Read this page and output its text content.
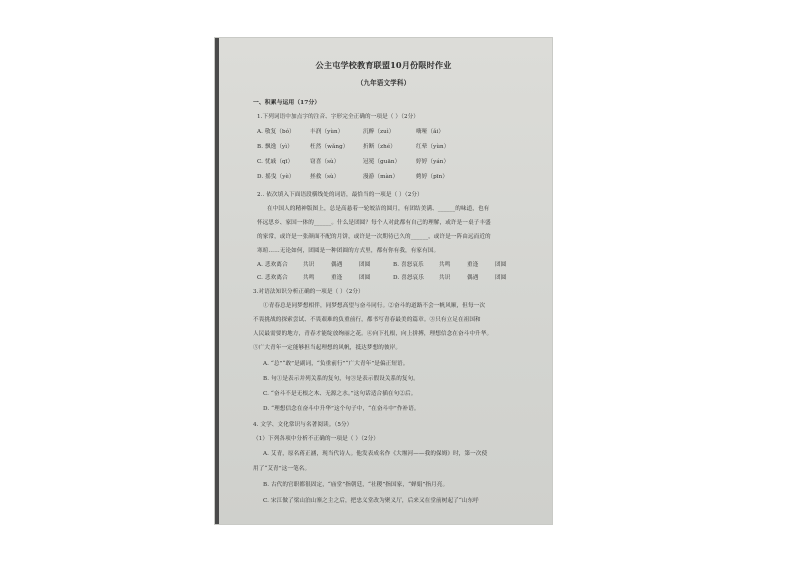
公主屯学校教育联盟10月份限时作业
（九年语文学科）
一、积累与运用（17分）
1.下列词语中加点字的注音、字形完全正确的一项是（ ）（2分）
A. 敬复（bó）	丰润（yùn）	沉醉（zuì）	嗨哑（ǎi）
B. 飘逸（yì）	枉然（wǎng）	折断（zhé）	红晕（yùn）
C. 忧戚（qī）	窃喜（sù）	冠冕（guān）	婷婷（yán）
D. 摇曳（yè）	拯救（sù）	漫游（màn）	娉婷（pīn）
2.. 依次填入下面语段横线处的词语，最恰当的一项是（ ）（2分）
在中国人的精神版图上，总是高悬着一轮皎洁的圆月，有团结美满、______的味道，也有
怀远思乡、家国一体的______。什么是团圆？每个人对此都有自己的理解，或许是一桌子丰盛
的家常，或许是一张颜面不配的月饼，或许是一次期待已久的______，或许是一阵由远而近的
寒暄……无论如何，团圆是一种团圆的方式里，都有你有我，有家有国。
A. 悲欢离合	共识	偶遇	团圆	B. 喜怒哀乐	共鸣	重逢	团圆
C. 悲欢离合	共鸣	重逢	团圆	D. 喜怒哀乐	共识	偶遇	团圆
3.对语法知识分析正确的一项是（ ）（2分）
①青春总是同梦想相伴，同梦想高望与奋斗同行。②奋斗的道路不会一帆风顺，但每一次
不畏挑战的探索尝试、不畏艰难的负重前行，都书写青春最美的篇章。③只有立足在祖国和
人民最需要的地方，青春才能绽放绚丽之花。④向下扎根，向上拼搏，理想信念在奋斗中升华。
⑤广大青年一定能够担当起理想的风帆，抵达梦想的彼岸。
A. “总”“敢”是副词，“负重前行”“广大青年”是偏正短语。
B. 句①是表示并列关系的复句，句③是表示假设关系的复句。
C. “奋斗不是无根之木、无源之水。”这句话适合插在句②后。
D. “理想信念在奋斗中升华”这个句子中，“在奋斗中”作补语。
4. 文学、文化常识与名著阅读。（5分）
（1）下列各项中分析不正确的一项是（ ）（2分）
A. 艾青，原名蒋正涵，现当代诗人。他发表成名作《大堰河——我的保姆》时，第一次使
用了“艾青”这一笔名。
B. 古代的官职都很固定，“庙堂”指朝廷，“社稷”指国家，“婵娟”指月亮。
C. 宋江做了梁山泊山寨之主之后，把忠义堂改为聚义厅，后来又在堂前树起了“山东呼
